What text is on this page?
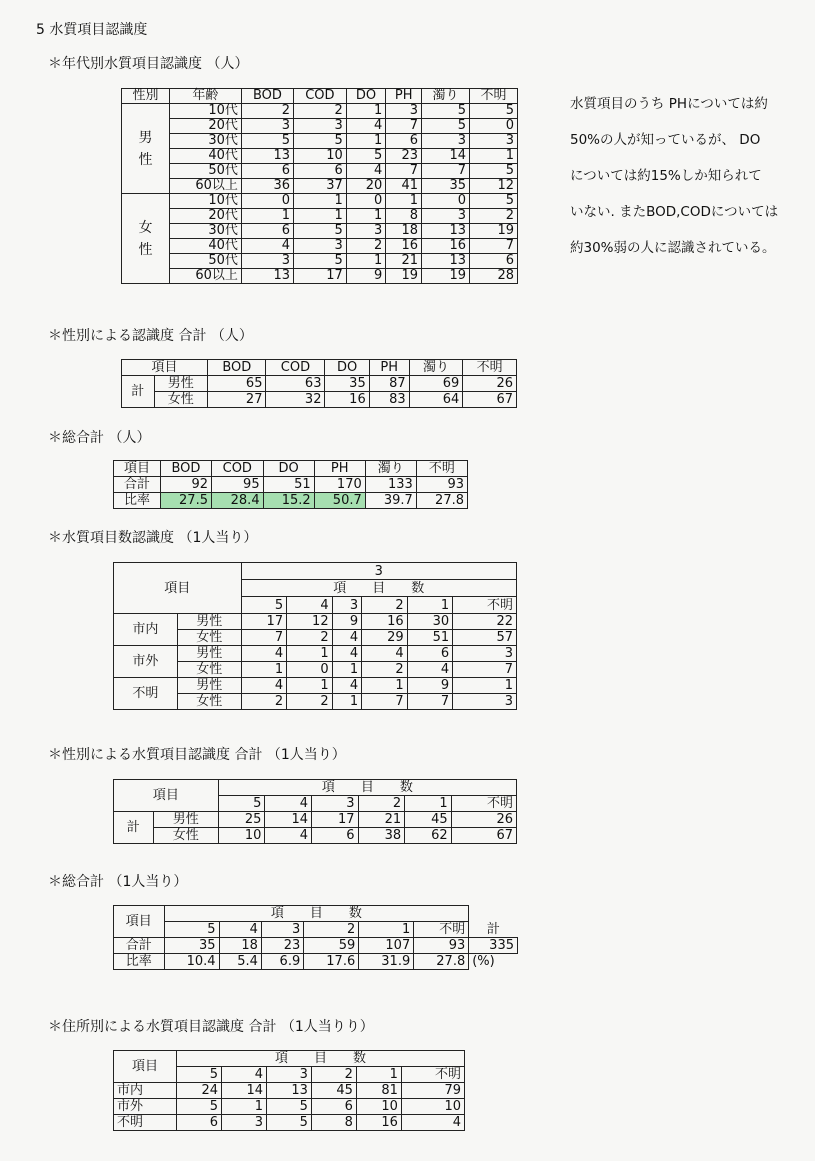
5 水質項目認識度
水質項目のうち PHについては約
50%の人が知っているが、 DO
については約15%しか知られて
いない. またBOD,CODについては
約30%弱の人に認識されている。
＊年代別水質項目認識度 （人）
性別	年齢	BOD	COD	DO	PH	濁り	不明
男
性	10代	2	2	1	3	5	5
	20代	3	3	4	7	5	0
	30代	5	5	1	6	3	3
	40代	13	10	5	23	14	1
	50代	6	6	4	7	7	5
	60以上	36	37	20	41	35	12
女
性	10代	0	1	0	1	0	5
	20代	1	1	1	8	3	2
	30代	6	5	3	18	13	19
	40代	4	3	2	16	16	7
	50代	3	5	1	21	13	6
	60以上	13	17	9	19	19	28
＊性別による認識度 合計 （人）
項目		BOD	COD	DO	PH	濁り	不明
計	男性	65	63	35	87	69	26
	女性	27	32	16	83	64	67
＊総合計 （人）
項目	BOD	COD	DO	PH	濁り	不明
合計	92	95	51	170	133	93
比率	27.5	28.4	15.2	50.7	39.7	27.8
＊水質項目数認識度 （1人当り）
項目		3					
		項　　目　　数					
		5	4	3	2	1	不明
市内	男性	17	12	9	16	30	22
	女性	7	2	4	29	51	57
市外	男性	4	1	4	4	6	3
	女性	1	0	1	2	4	7
不明	男性	4	1	4	1	9	1
	女性	2	2	1	7	7	3
＊性別による水質項目認識度 合計 （1人当り）
項目		項　　目　　数					
		5	4	3	2	1	不明
計	男性	25	14	17	21	45	26
	女性	10	4	6	38	62	67
＊総合計 （1人当り）
項目	項　　目　　数						
	5	4	3	2	1	不明	計
合計	35	18	23	59	107	93	335
比率	10.4	5.4	6.9	17.6	31.9	27.8	(%)
＊住所別による水質項目認識度 合計 （1人当りり）
項目	項　　目　　数					
	5	4	3	2	1	不明
市内	24	14	13	45	81	79
市外	5	1	5	6	10	10
不明	6	3	5	8	16	4
